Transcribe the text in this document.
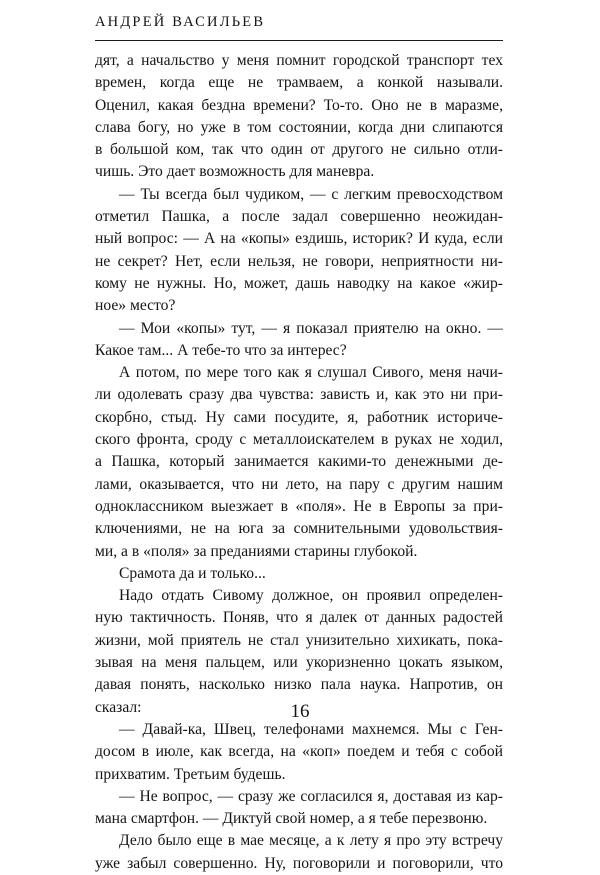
АНДРЕЙ ВАСИЛЬЕВ
дят, а начальство у меня помнит городской транспорт тех
времен, когда еще не трамваем, а конкой называли.
Оценил, какая бездна времени? То-то. Оно не в маразме,
слава богу, но уже в том состоянии, когда дни слипаются
в большой ком, так что один от другого не сильно отли-
чишь. Это дает возможность для маневра.
— Ты всегда был чудиком, — с легким превосходством
отметил Пашка, а после задал совершенно неожидан-
ный вопрос: — А на «копы» ездишь, историк? И куда, если
не секрет? Нет, если нельзя, не говори, неприятности ни-
кому не нужны. Но, может, дашь наводку на какое «жир-
ное» место?
— Мои «копы» тут, — я показал приятелю на окно. —
Какое там... А тебе-то что за интерес?
А потом, по мере того как я слушал Сивого, меня начи-
ли одолевать сразу два чувства: зависть и, как это ни при-
скорбно, стыд. Ну сами посудите, я, работник историче-
ского фронта, сроду с металлоискателем в руках не ходил,
а Пашка, который занимается какими-то денежными де-
лами, оказывается, что ни лето, на пару с другим нашим
одноклассником выезжает в «поля». Не в Европы за при-
ключениями, не на юга за сомнительными удовольствия-
ми, а в «поля» за преданиями старины глубокой.
Срамота да и только...
Надо отдать Сивому должное, он проявил определен-
ную тактичность. Поняв, что я далек от данных радостей
жизни, мой приятель не стал унизительно хихикать, пока-
зывая на меня пальцем, или укоризненно цокать языком,
давая понять, насколько низко пала наука. Напротив, он
сказал:
— Давай-ка, Швец, телефонами махнемся. Мы с Ген-
досом в июле, как всегда, на «коп» поедем и тебя с собой
прихватим. Третьим будешь.
— Не вопрос, — сразу же согласился я, доставая из кар-
мана смартфон. — Диктуй свой номер, а я тебе перезвоню.
Дело было еще в мае месяце, а к лету я про эту встречу
уже забыл совершенно. Ну, поговорили и поговорили, что
16
